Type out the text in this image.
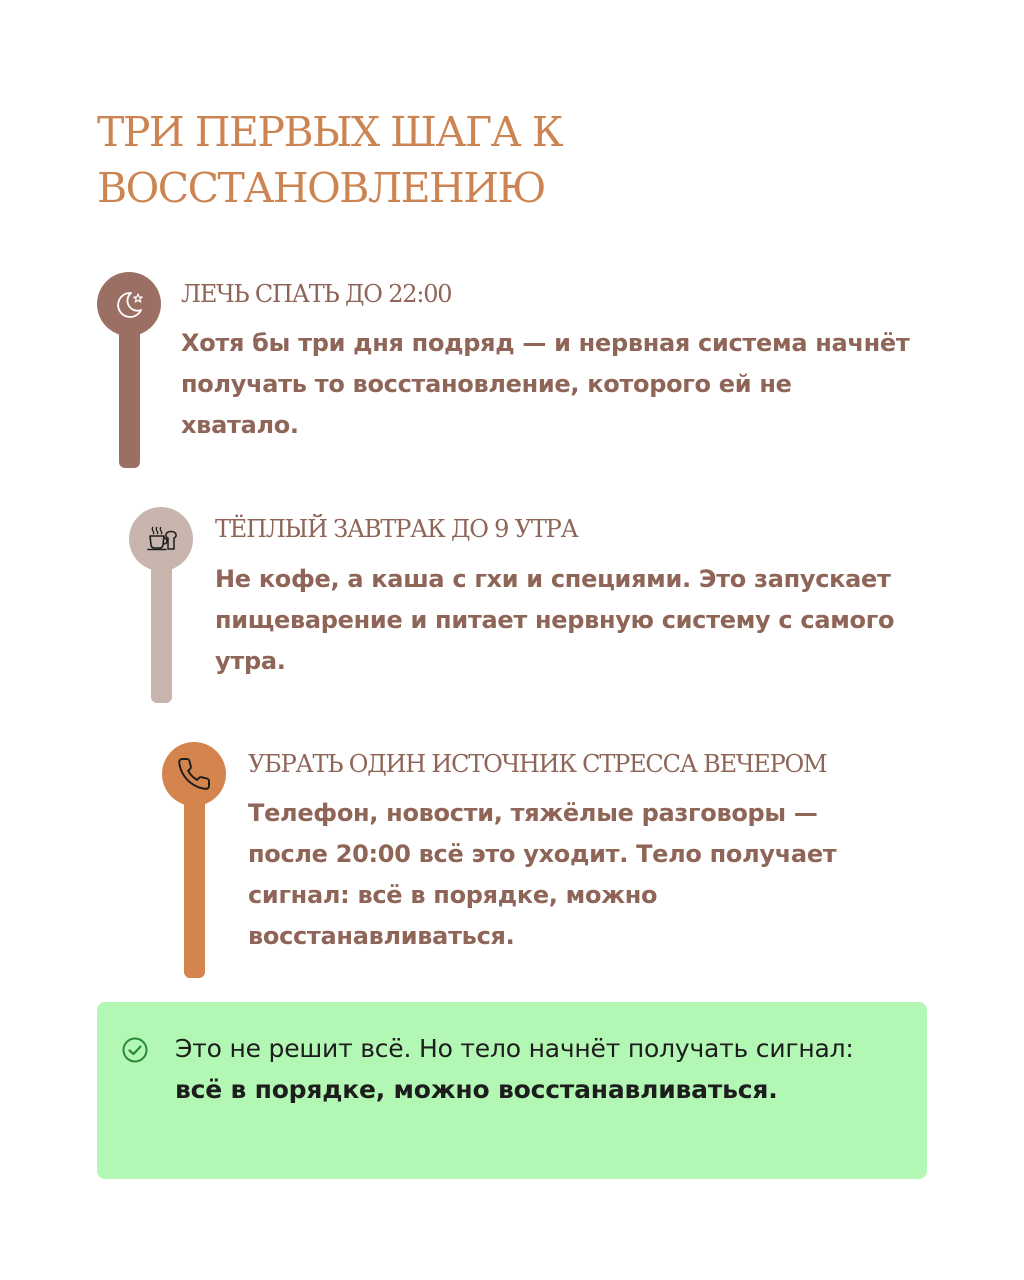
ТРИ ПЕРВЫХ ШАГА К ВОССТАНОВЛЕНИЮ
ЛЕЧЬ СПАТЬ ДО 22:00

Хотя бы три дня подряд — и нервная система начнёт получать то восстановление, которого ей не хватало.

ТЁПЛЫЙ ЗАВТРАК ДО 9 УТРА

Не кофе, а каша с гхи и специями. Это запускает пищеварение и питает нервную систему с самого утра.

УБРАТЬ ОДИН ИСТОЧНИК СТРЕССА ВЕЧЕРОМ

Телефон, новости, тяжёлые разговоры — после 20:00 всё это уходит. Тело получает сигнал: всё в порядке, можно восстанавливаться.

Это не решит всё. Но тело начнёт получать сигнал: всё в порядке, можно восстанавливаться.
